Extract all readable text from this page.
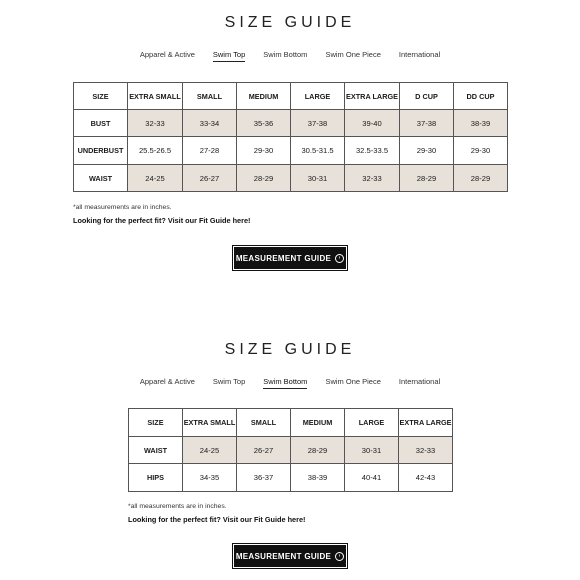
SIZE GUIDE
Apparel & Active Swim Top Swim Bottom Swim One Piece International
SIZE	EXTRA SMALL	SMALL	MEDIUM	LARGE	EXTRA LARGE	D CUP	DD CUP
BUST	32-33	33-34	35-36	37-38	39-40	37-38	38-39
UNDERBUST	25.5-26.5	27-28	29-30	30.5-31.5	32.5-33.5	29-30	29-30
WAIST	24-25	26-27	28-29	30-31	32-33	28-29	28-29
*all measurements are in inches.
Looking for the perfect fit? Visit our Fit Guide here!
MEASUREMENT GUIDE	›
SIZE GUIDE
Apparel & Active Swim Top Swim Bottom Swim One Piece International
SIZE	EXTRA SMALL	SMALL	MEDIUM	LARGE	EXTRA LARGE
WAIST	24-25	26-27	28-29	30-31	32-33
HIPS	34-35	36-37	38-39	40-41	42-43
*all measurements are in inches.
Looking for the perfect fit? Visit our Fit Guide here!
MEASUREMENT GUIDE	›
